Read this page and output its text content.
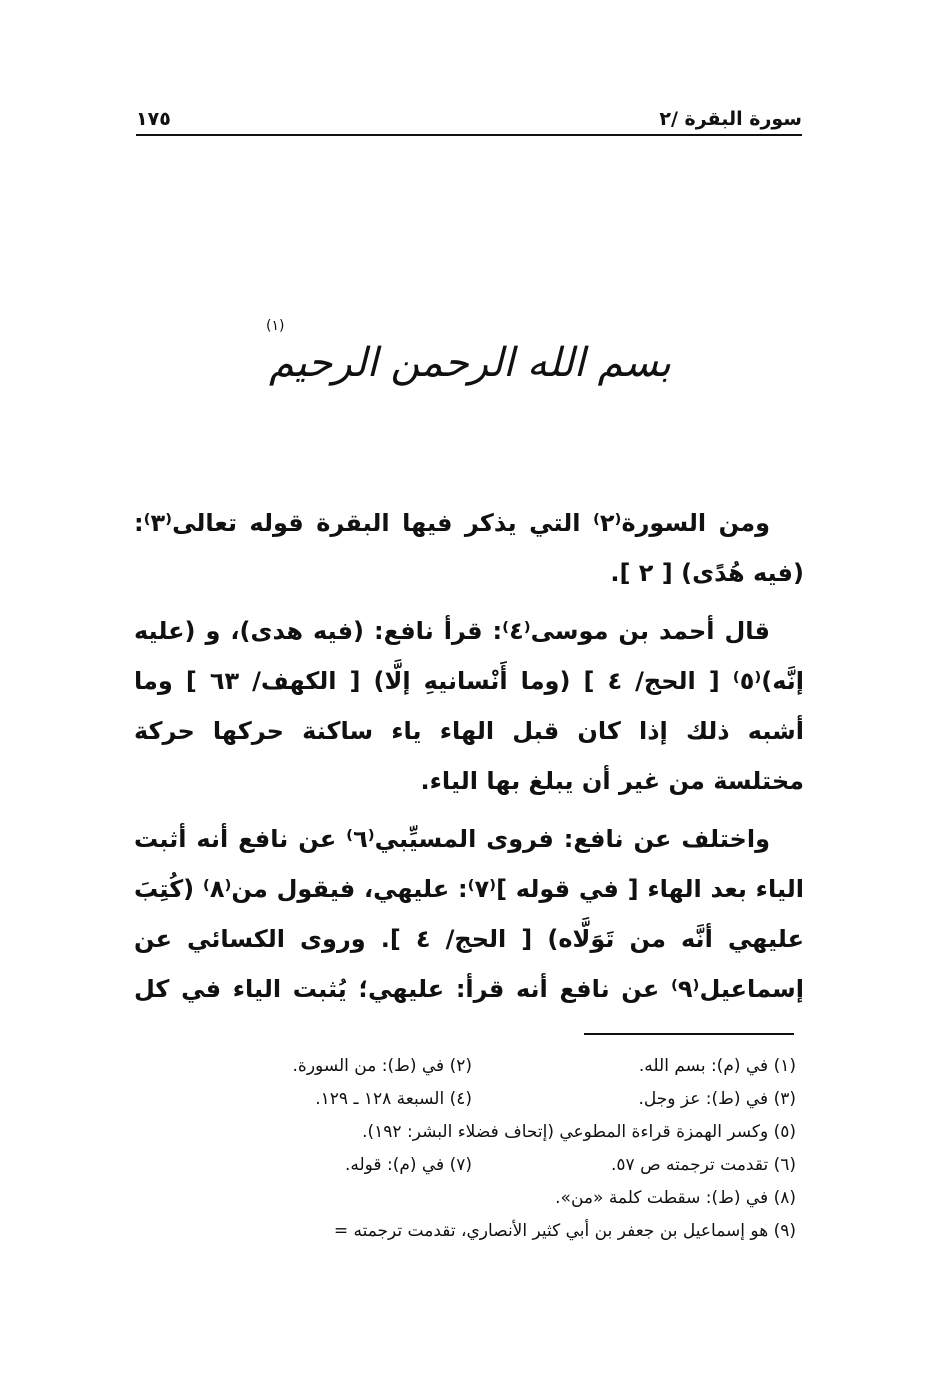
سورة البقرة /٢
١٧٥
بسم الله الرحمن الرحيم
(١)

ومن السورة⁽٢⁾ التي يذكر فيها البقرة قوله تعالى⁽٣⁾: (فيه هُدًى) [ ٢ ].

قال أحمد بن موسى⁽٤⁾: قرأ نافع: (فيه هدى)، و (عليه إنَّه)⁽٥⁾ [ الحج/ ٤ ] (وما أَنْسانيهِ إلَّا) [ الكهف/ ٦٣ ] وما أشبه ذلك إذا كان قبل الهاء ياء ساكنة حركها حركة مختلسة من غير أن يبلغ بها الياء.

واختلف عن نافع: فروى المسيِّبي⁽٦⁾ عن نافع أنه أثبت الياء بعد الهاء [ في قوله ]⁽٧⁾: عليهي، فيقول من⁽٨⁾ (كُتِبَ عليهي أنَّه من تَوَلَّاه) [ الحج/ ٤ ]. وروى الكسائي عن إسماعيل⁽٩⁾ عن نافع أنه قرأ: عليهي؛ يُثبت الياء في كل

(١) في (م): بسم الله.
(٢) في (ط): من السورة.
(٣) في (ط): عز وجل.
(٤) السبعة ١٢٨ ـ ١٢٩.
(٥) وكسر الهمزة قراءة المطوعي (إتحاف فضلاء البشر: ١٩٢).
(٦) تقدمت ترجمته ص ٥٧.
(٧) في (م): قوله.
(٨) في (ط): سقطت كلمة «من».
(٩) هو إسماعيل بن جعفر بن أبي كثير الأنصاري، تقدمت ترجمته =
